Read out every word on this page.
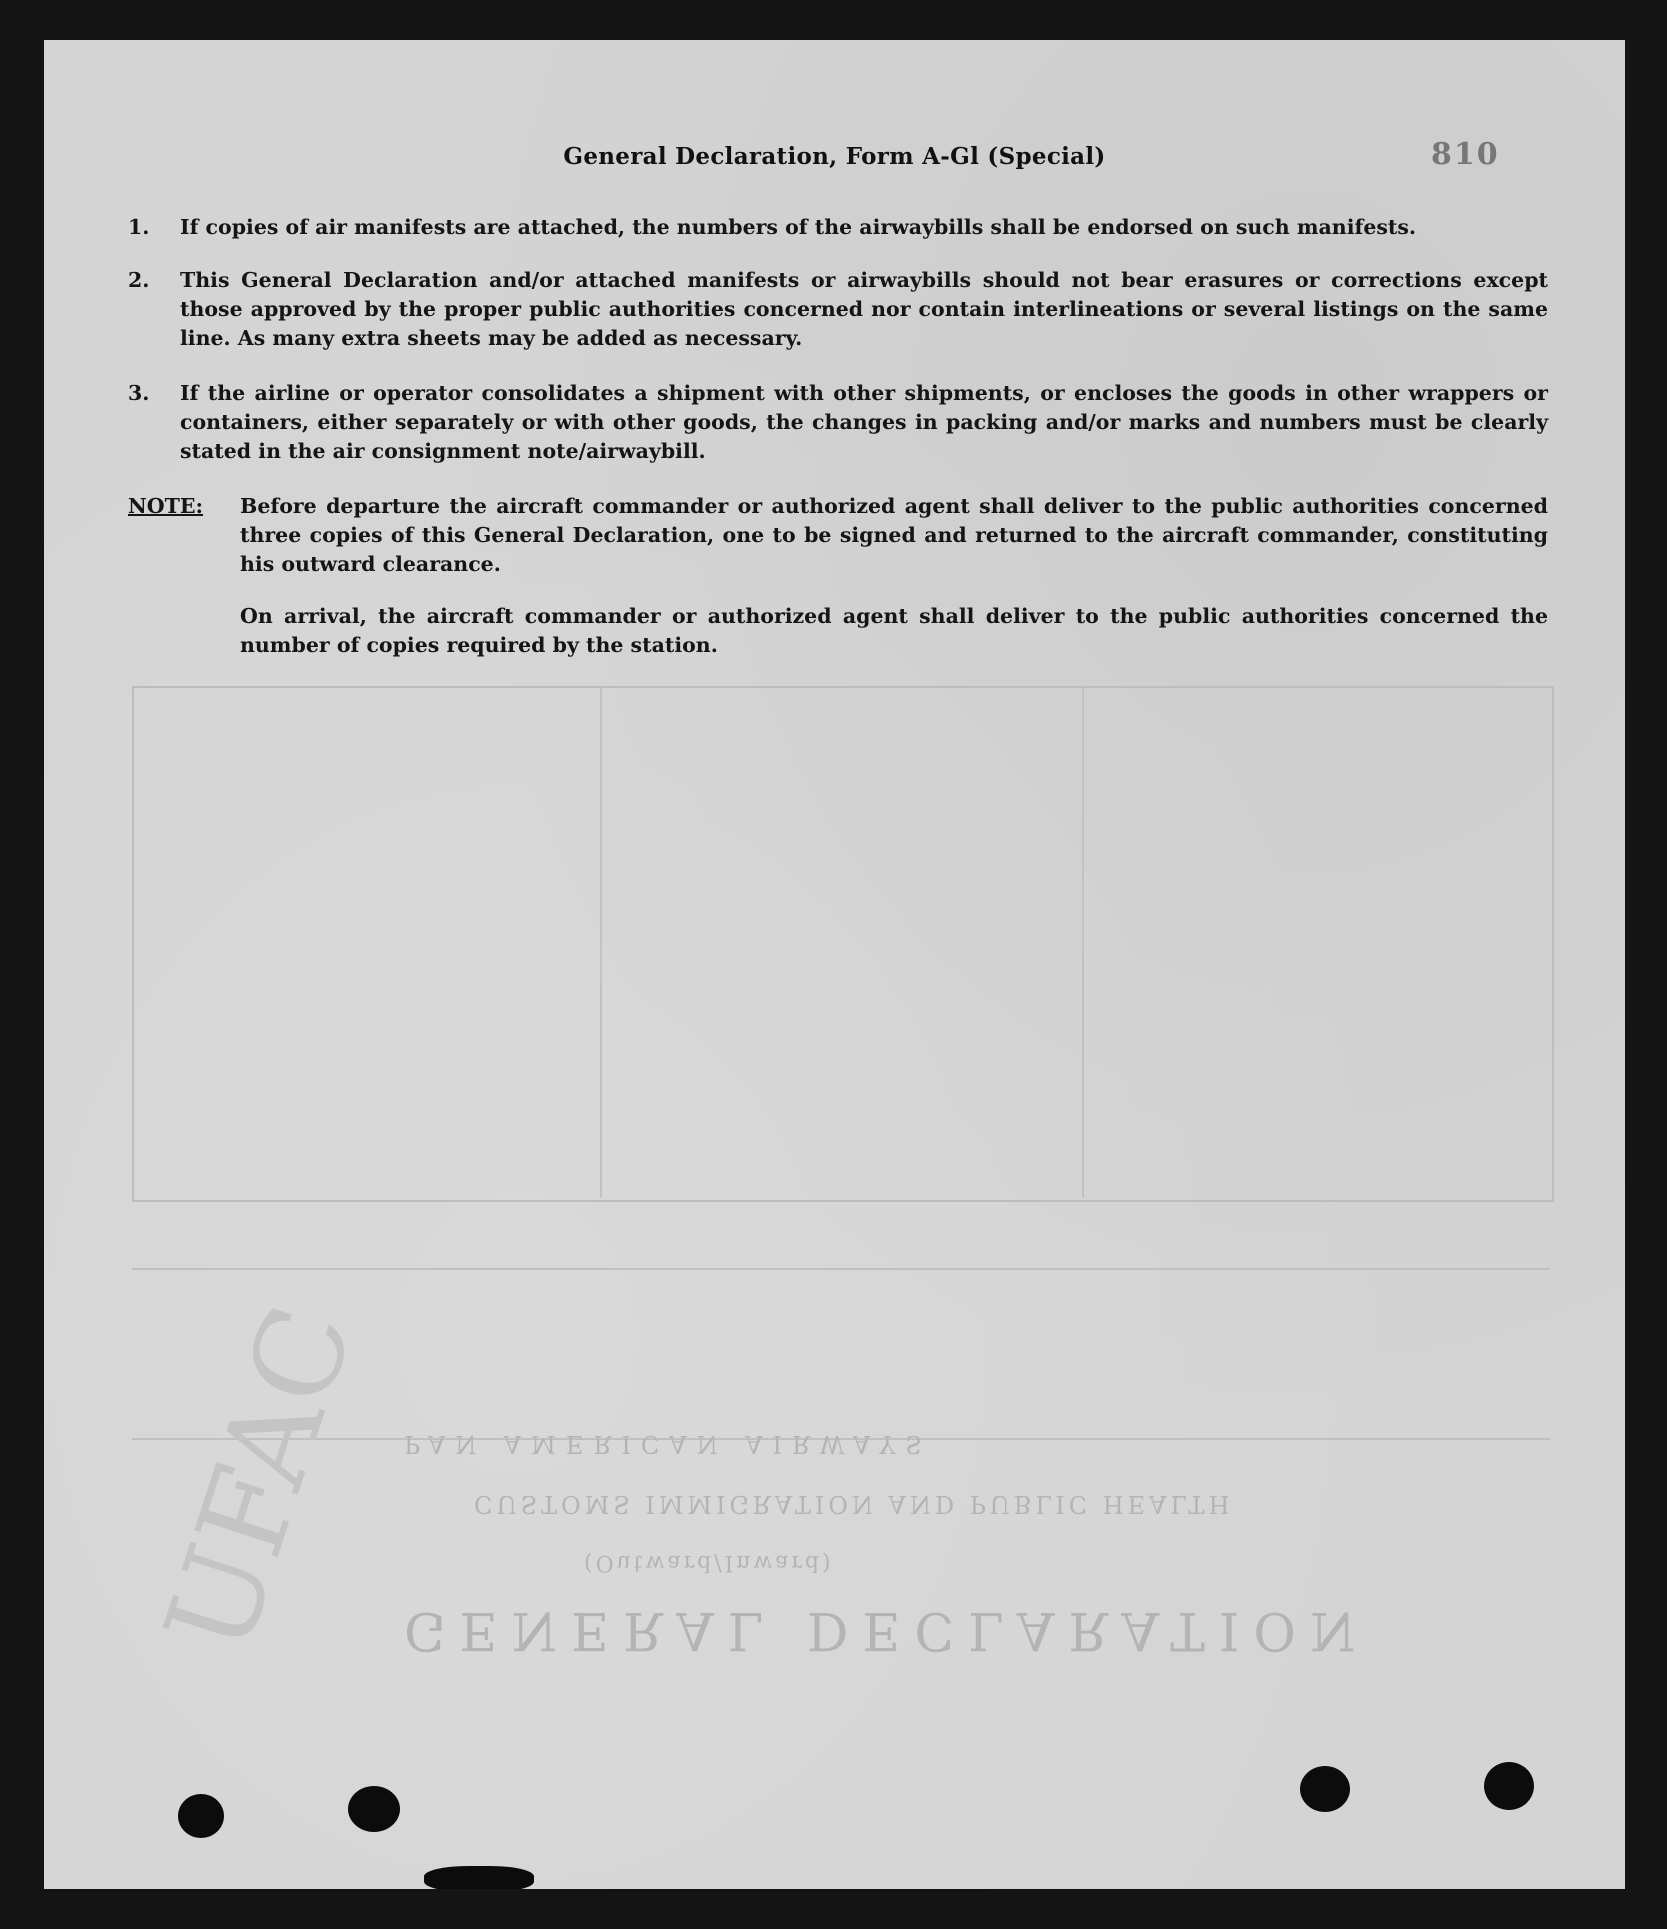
GENERAL DECLARATION
CUSTOMS IMMIGRATION AND PUBLIC HEALTH
(Outward/Inward)
PAN AMERICAN AIRWAYS
UFAC
General Declaration, Form A-Gl (Special)	810
1.	If copies of air manifests are attached, the numbers of the airwaybills shall be endorsed on such manifests.
2.	This General Declaration and/or attached manifests or airwaybills should not bear erasures or corrections except those approved by the proper public authorities concerned nor contain interlineations or several listings on the same line. As many extra sheets may be added as necessary.
3.	If the airline or operator consolidates a shipment with other shipments, or encloses the goods in other wrappers or containers, either separately or with other goods, the changes in packing and/or marks and numbers must be clearly stated in the air consignment note/airwaybill.
NOTE: Before departure the aircraft commander or authorized agent shall deliver to the public authorities concerned three copies of this General Declaration, one to be signed and returned to the aircraft commander, constituting his outward clearance.
On arrival, the aircraft commander or authorized agent shall deliver to the public authorities concerned the number of copies required by the station.
